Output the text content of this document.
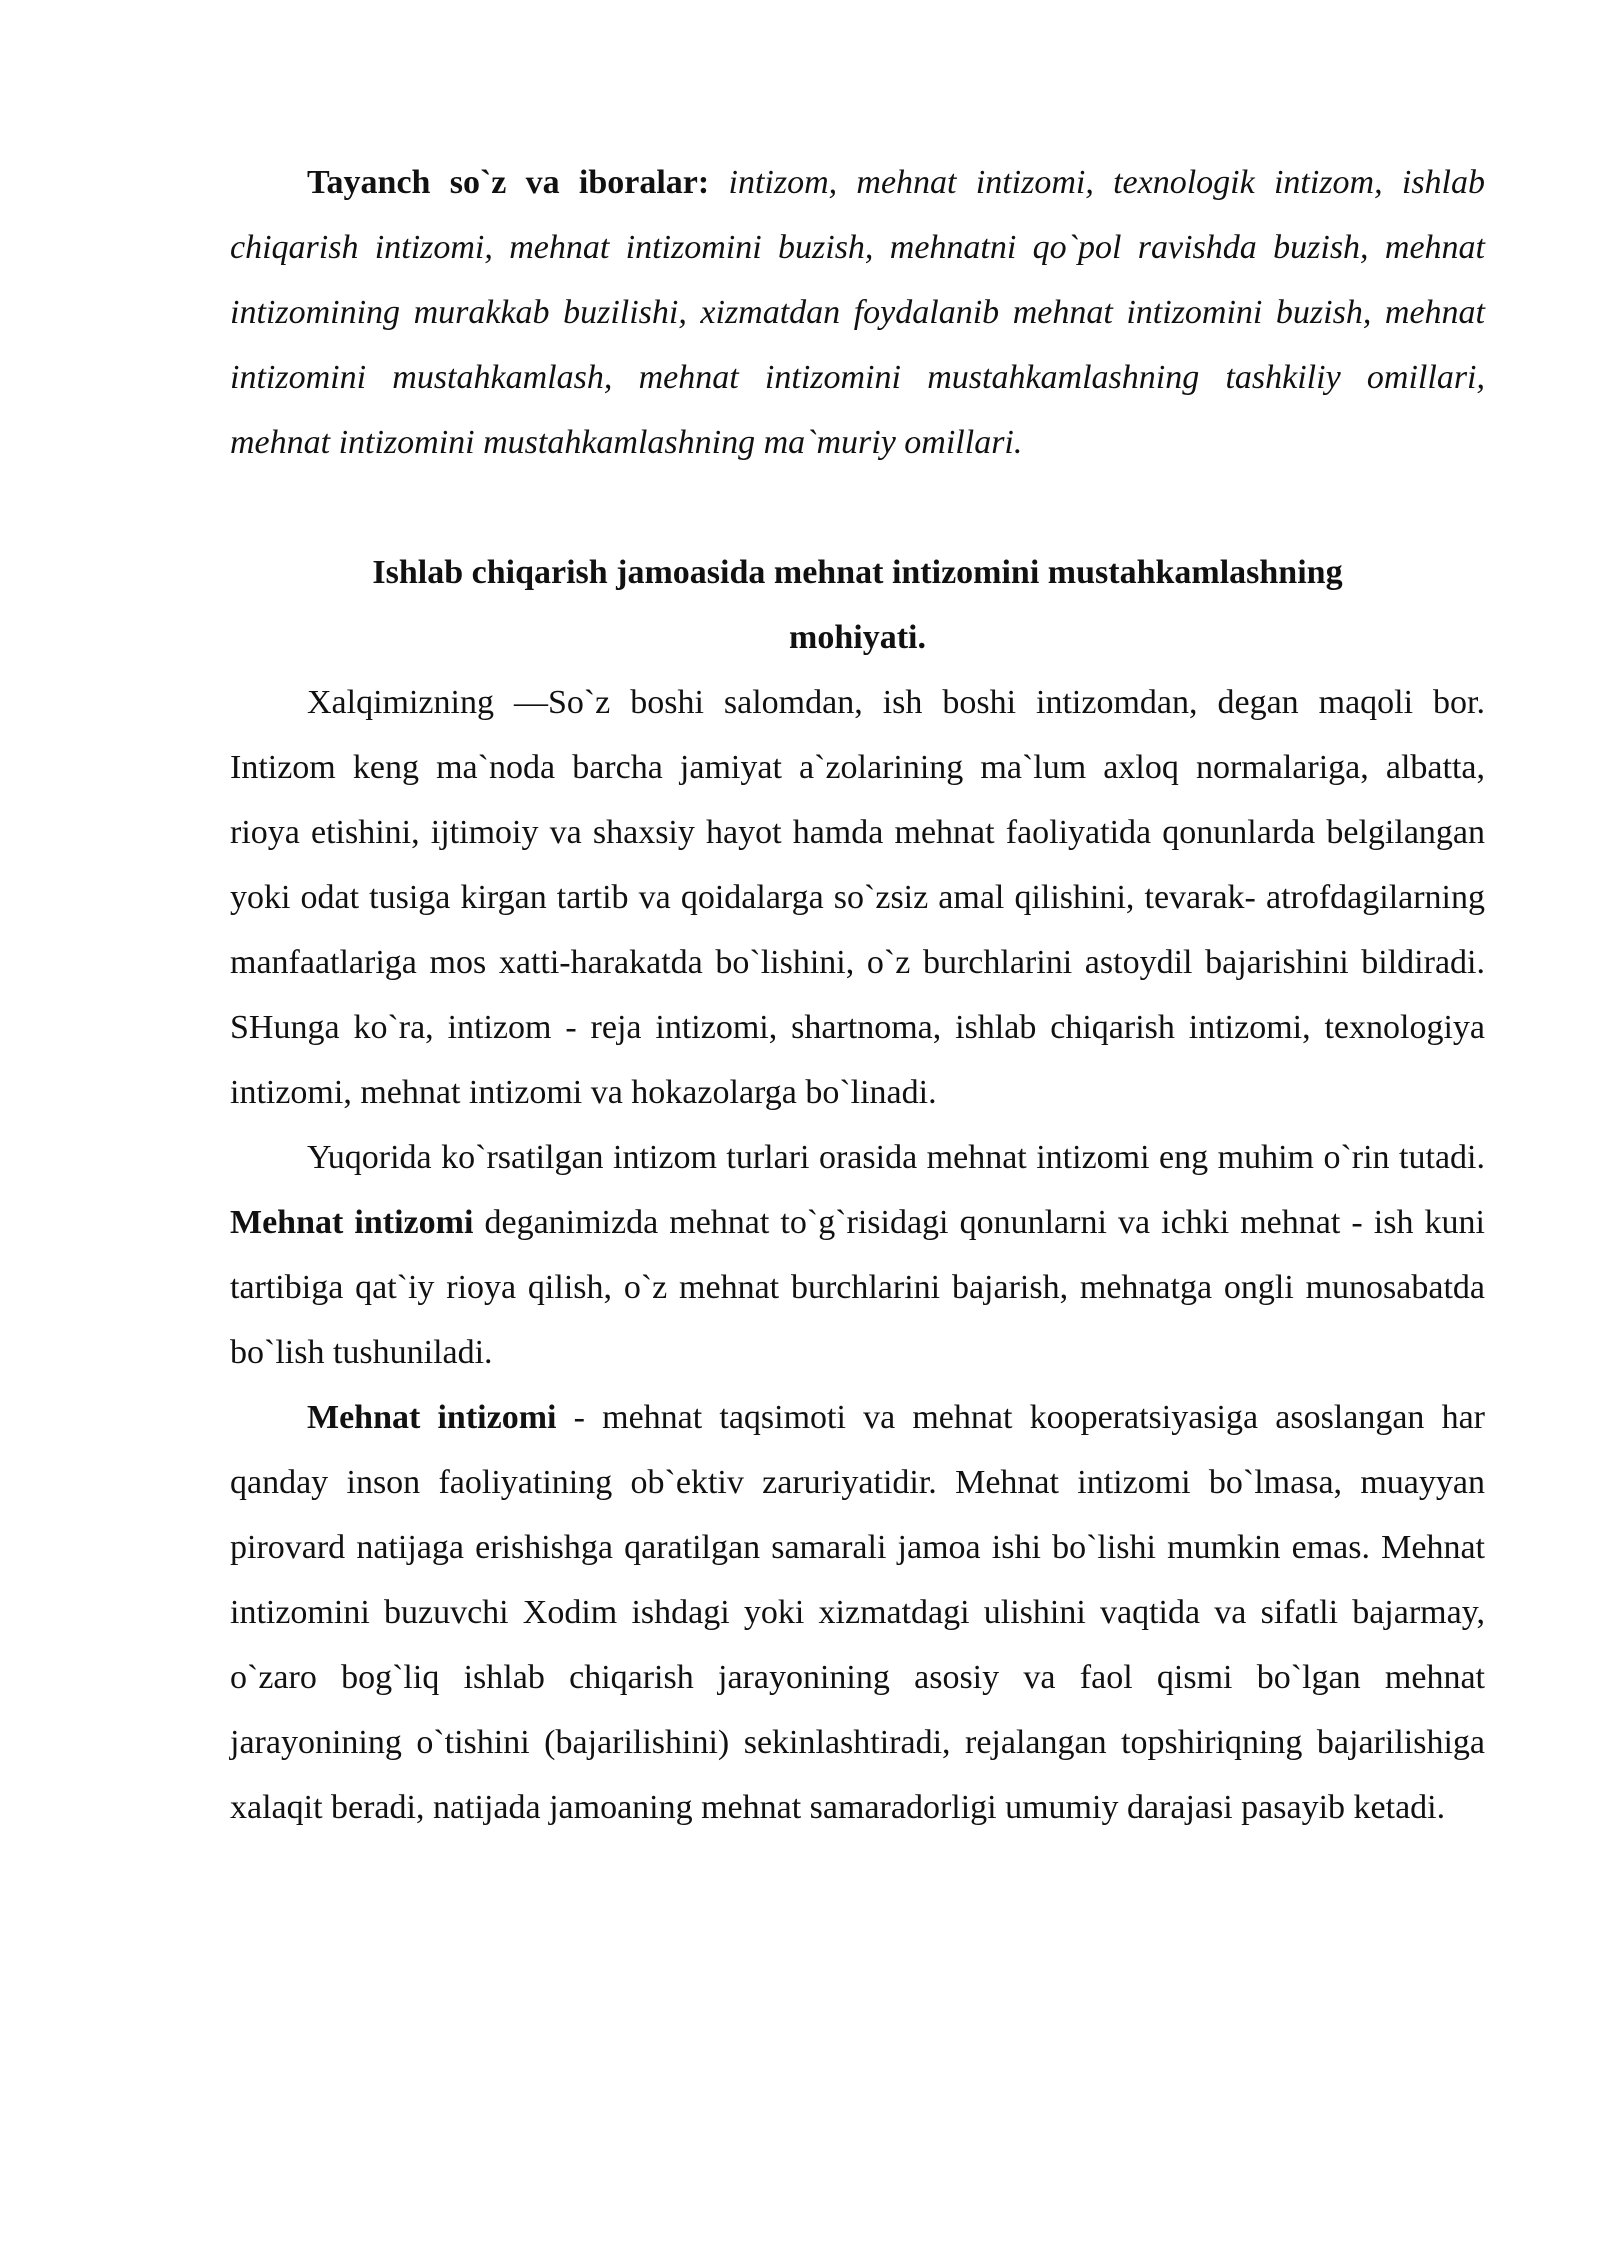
Tayanch so`z va iboralar: intizom, mehnat intizomi, texnologik intizom, ishlab chiqarish intizomi, mehnat intizomini buzish, mehnatni qo`pol ravishda buzish, mehnat intizomining murakkab buzilishi, xizmatdan foydalanib mehnat intizomini buzish, mehnat intizomini mustahkamlash, mehnat intizomini mustahkamlashning tashkiliy omillari, mehnat intizomini mustahkamlashning ma`muriy omillari.

Ishlab chiqarish jamoasida mehnat intizomini mustahkamlashning
mohiyati.

Xalqimizning ―So`z boshi salomdan, ish boshi intizomdan, degan maqoli bor. Intizom keng ma`noda barcha jamiyat a`zolarining ma`lum axloq normalariga, albatta, rioya etishini, ijtimoiy va shaxsiy hayot hamda mehnat faoliyatida qonunlarda belgilangan yoki odat tusiga kirgan tartib va qoidalarga so`zsiz amal qilishini, tevarak- atrofdagilarning manfaatlariga mos xatti-harakatda bo`lishini, o`z burchlarini astoydil bajarishini bildiradi. SHunga ko`ra, intizom - reja intizomi, shartnoma, ishlab chiqarish intizomi, texnologiya intizomi, mehnat intizomi va hokazolarga bo`linadi.

Yuqorida ko`rsatilgan intizom turlari orasida mehnat intizomi eng muhim o`rin tutadi. Mehnat intizomi deganimizda mehnat to`g`risidagi qonunlarni va ichki mehnat - ish kuni tartibiga qat`iy rioya qilish, o`z mehnat burchlarini bajarish, mehnatga ongli munosabatda bo`lish tushuniladi.

Mehnat intizomi - mehnat taqsimoti va mehnat kooperatsiyasiga asoslangan har qanday inson faoliyatining ob`ektiv zaruriyatidir. Mehnat intizomi bo`lmasa, muayyan pirovard natijaga erishishga qaratilgan samarali jamoa ishi bo`lishi mumkin emas. Mehnat intizomini buzuvchi Xodim ishdagi yoki xizmatdagi ulishini vaqtida va sifatli bajarmay, o`zaro bog`liq ishlab chiqarish jarayonining asosiy va faol qismi bo`lgan mehnat jarayonining o`tishini (bajarilishini) sekinlashtiradi, rejalangan topshiriqning bajarilishiga xalaqit beradi, natijada jamoaning mehnat samaradorligi umumiy darajasi pasayib ketadi.
